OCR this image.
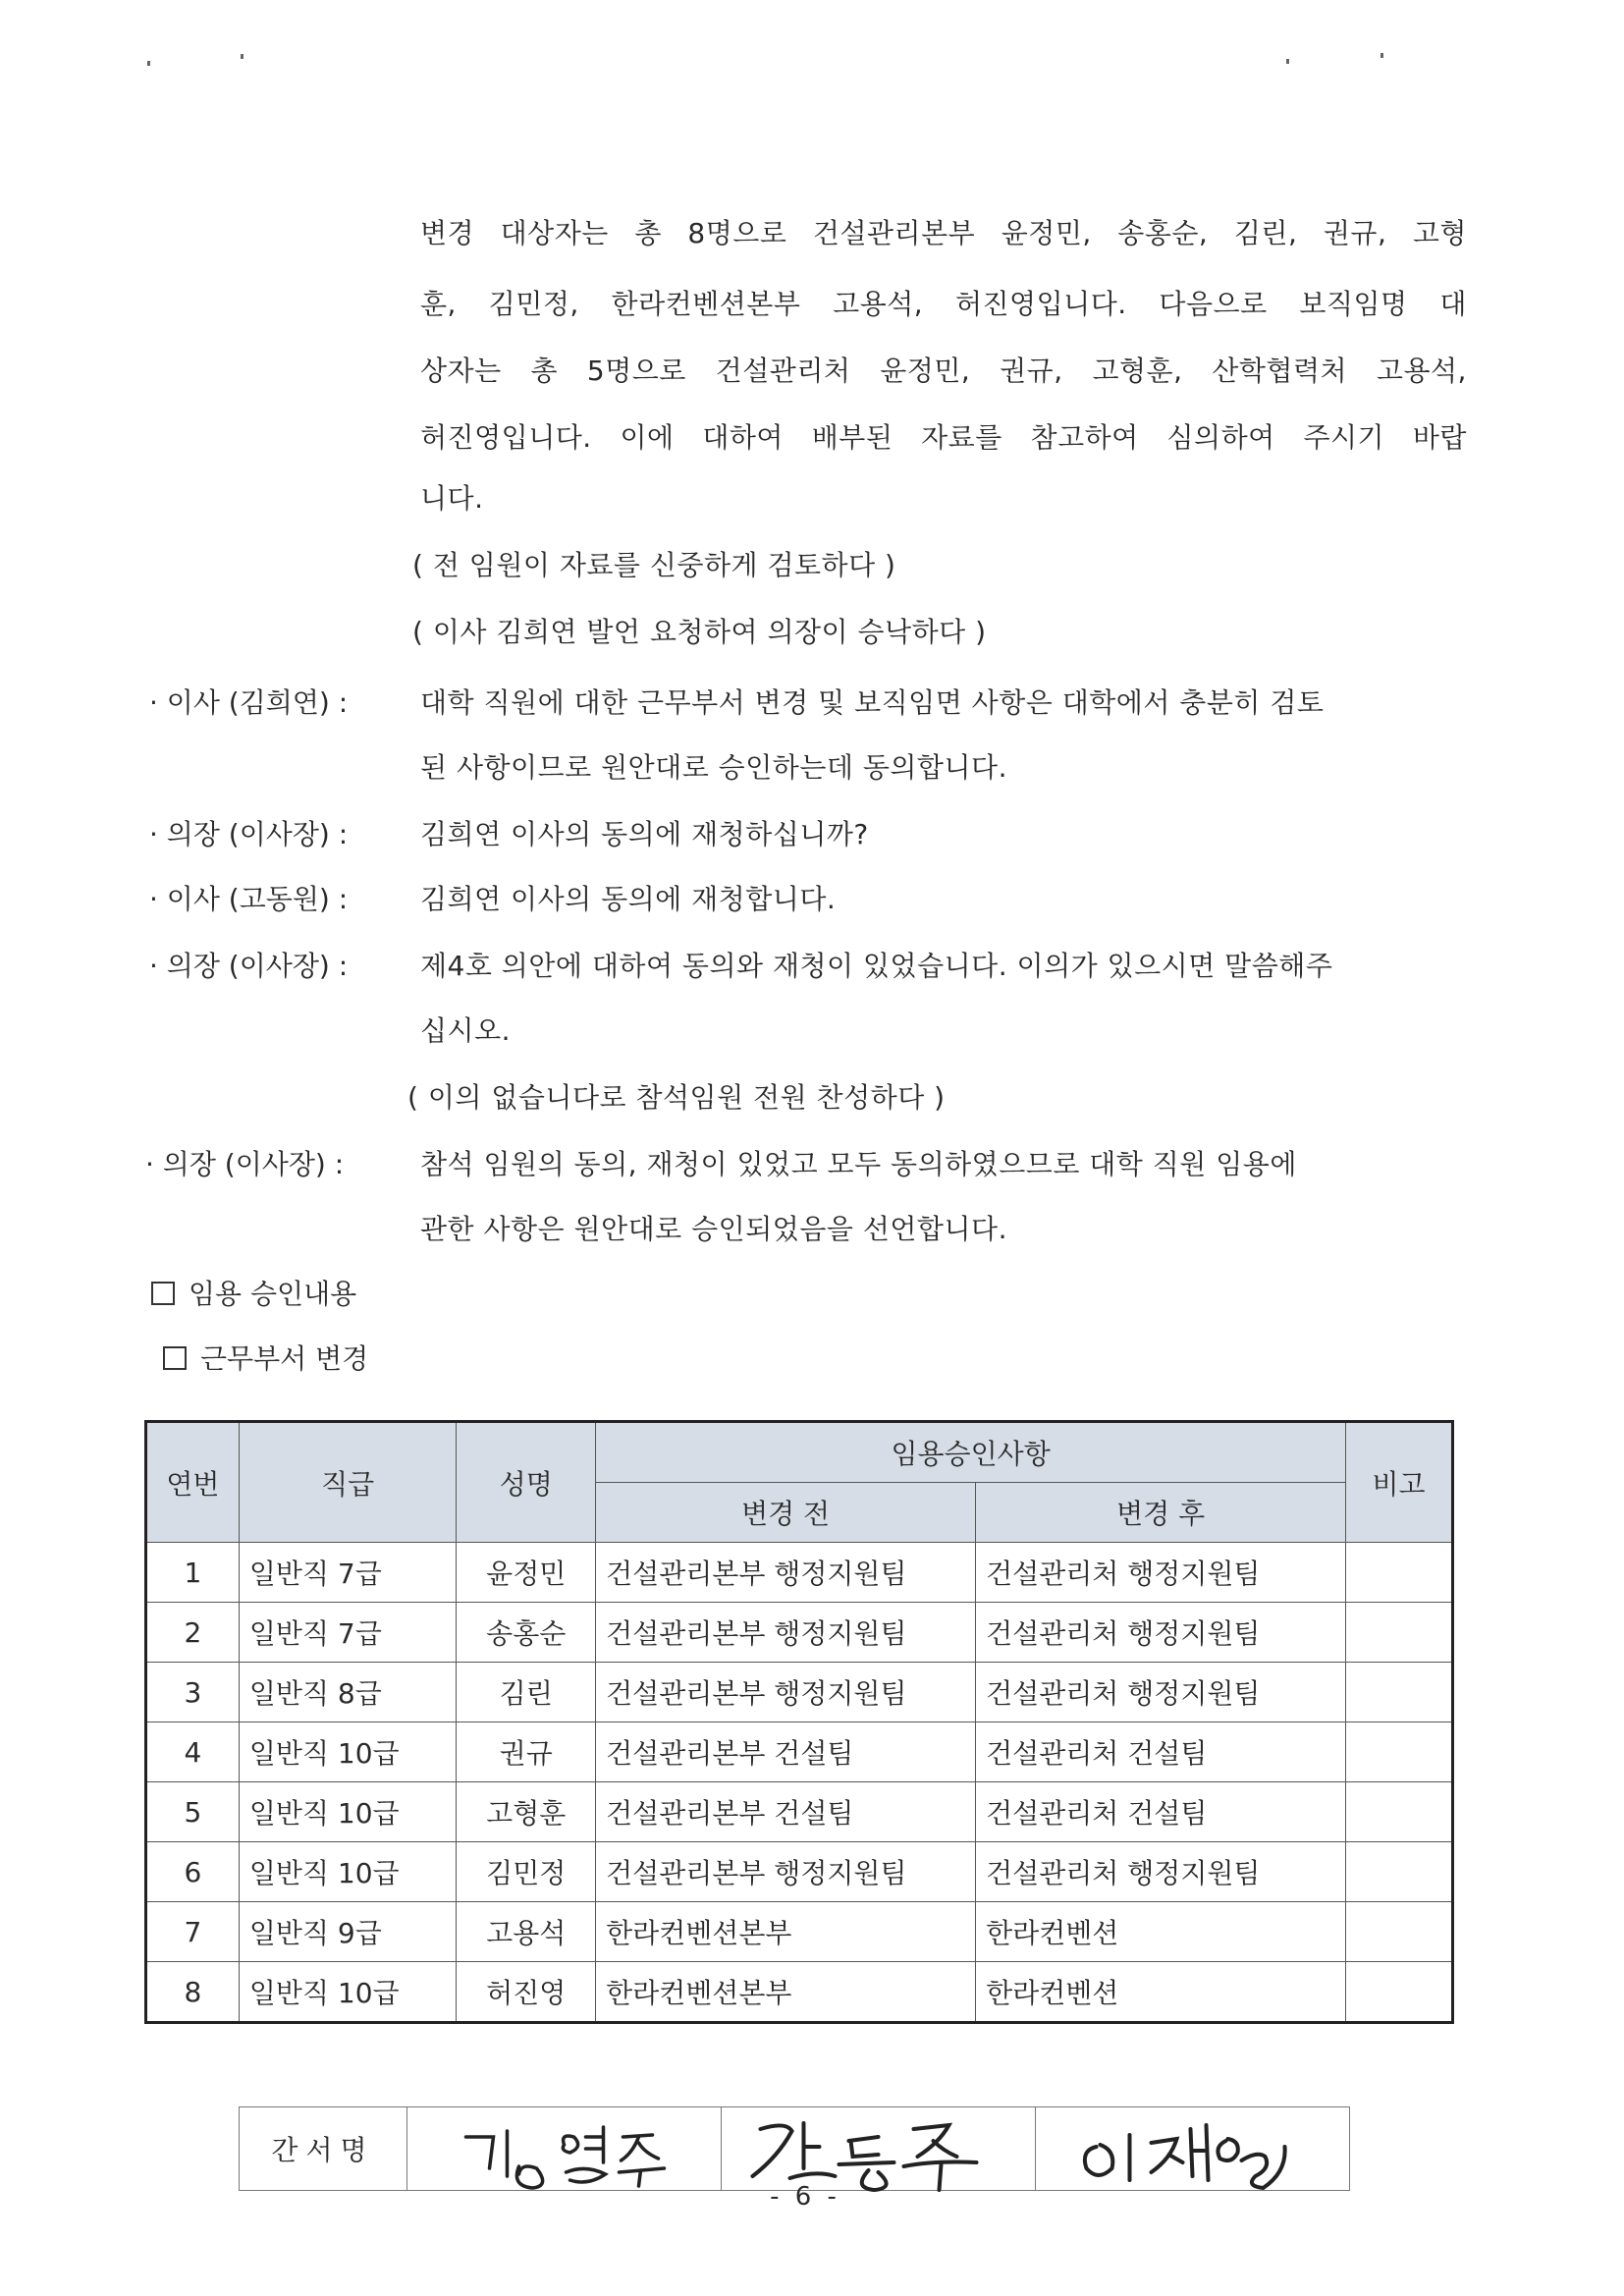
변경 대상자는 총 8명으로 건설관리본부 윤정민, 송홍순, 김린, 권규, 고형
훈, 김민정, 한라컨벤션본부 고용석, 허진영입니다. 다음으로 보직임명 대
상자는 총 5명으로 건설관리처 윤정민, 권규, 고형훈, 산학협력처 고용석,
허진영입니다. 이에 대하여 배부된 자료를 참고하여 심의하여 주시기 바랍
니다.
( 전 임원이 자료를 신중하게 검토하다 )
( 이사 김희연 발언 요청하여 의장이 승낙하다 )
· 이사 (김희연) :	대학 직원에 대한 근무부서 변경 및 보직임면 사항은 대학에서 충분히 검토
된 사항이므로 원안대로 승인하는데 동의합니다.
· 의장 (이사장) :	김희연 이사의 동의에 재청하십니까?
· 이사 (고동원) :	김희연 이사의 동의에 재청합니다.
· 의장 (이사장) :	제4호 의안에 대하여 동의와 재청이 있었습니다. 이의가 있으시면 말씀해주
십시오.
( 이의 없습니다로 참석임원 전원 찬성하다 )
· 의장 (이사장) :	참석 임원의 동의, 재청이 있었고 모두 동의하였으므로 대학 직원 임용에
관한 사항은 원안대로 승인되었음을 선언합니다.
임용 승인내용
근무부서 변경
연번	직급	성명	임용승인사항		비고
			변경 전	변경 후	
1	일반직 7급	윤정민	건설관리본부 행정지원팀	건설관리처 행정지원팀	
2	일반직 7급	송홍순	건설관리본부 행정지원팀	건설관리처 행정지원팀	
3	일반직 8급	김린	건설관리본부 행정지원팀	건설관리처 행정지원팀	
4	일반직 10급	권규	건설관리본부 건설팀	건설관리처 건설팀	
5	일반직 10급	고형훈	건설관리본부 건설팀	건설관리처 건설팀	
6	일반직 10급	김민정	건설관리본부 행정지원팀	건설관리처 행정지원팀	
7	일반직 9급	고용석	한라컨벤션본부	한라컨벤션	
8	일반직 10급	허진영	한라컨벤션본부	한라컨벤션	
간서명
- 6 -
